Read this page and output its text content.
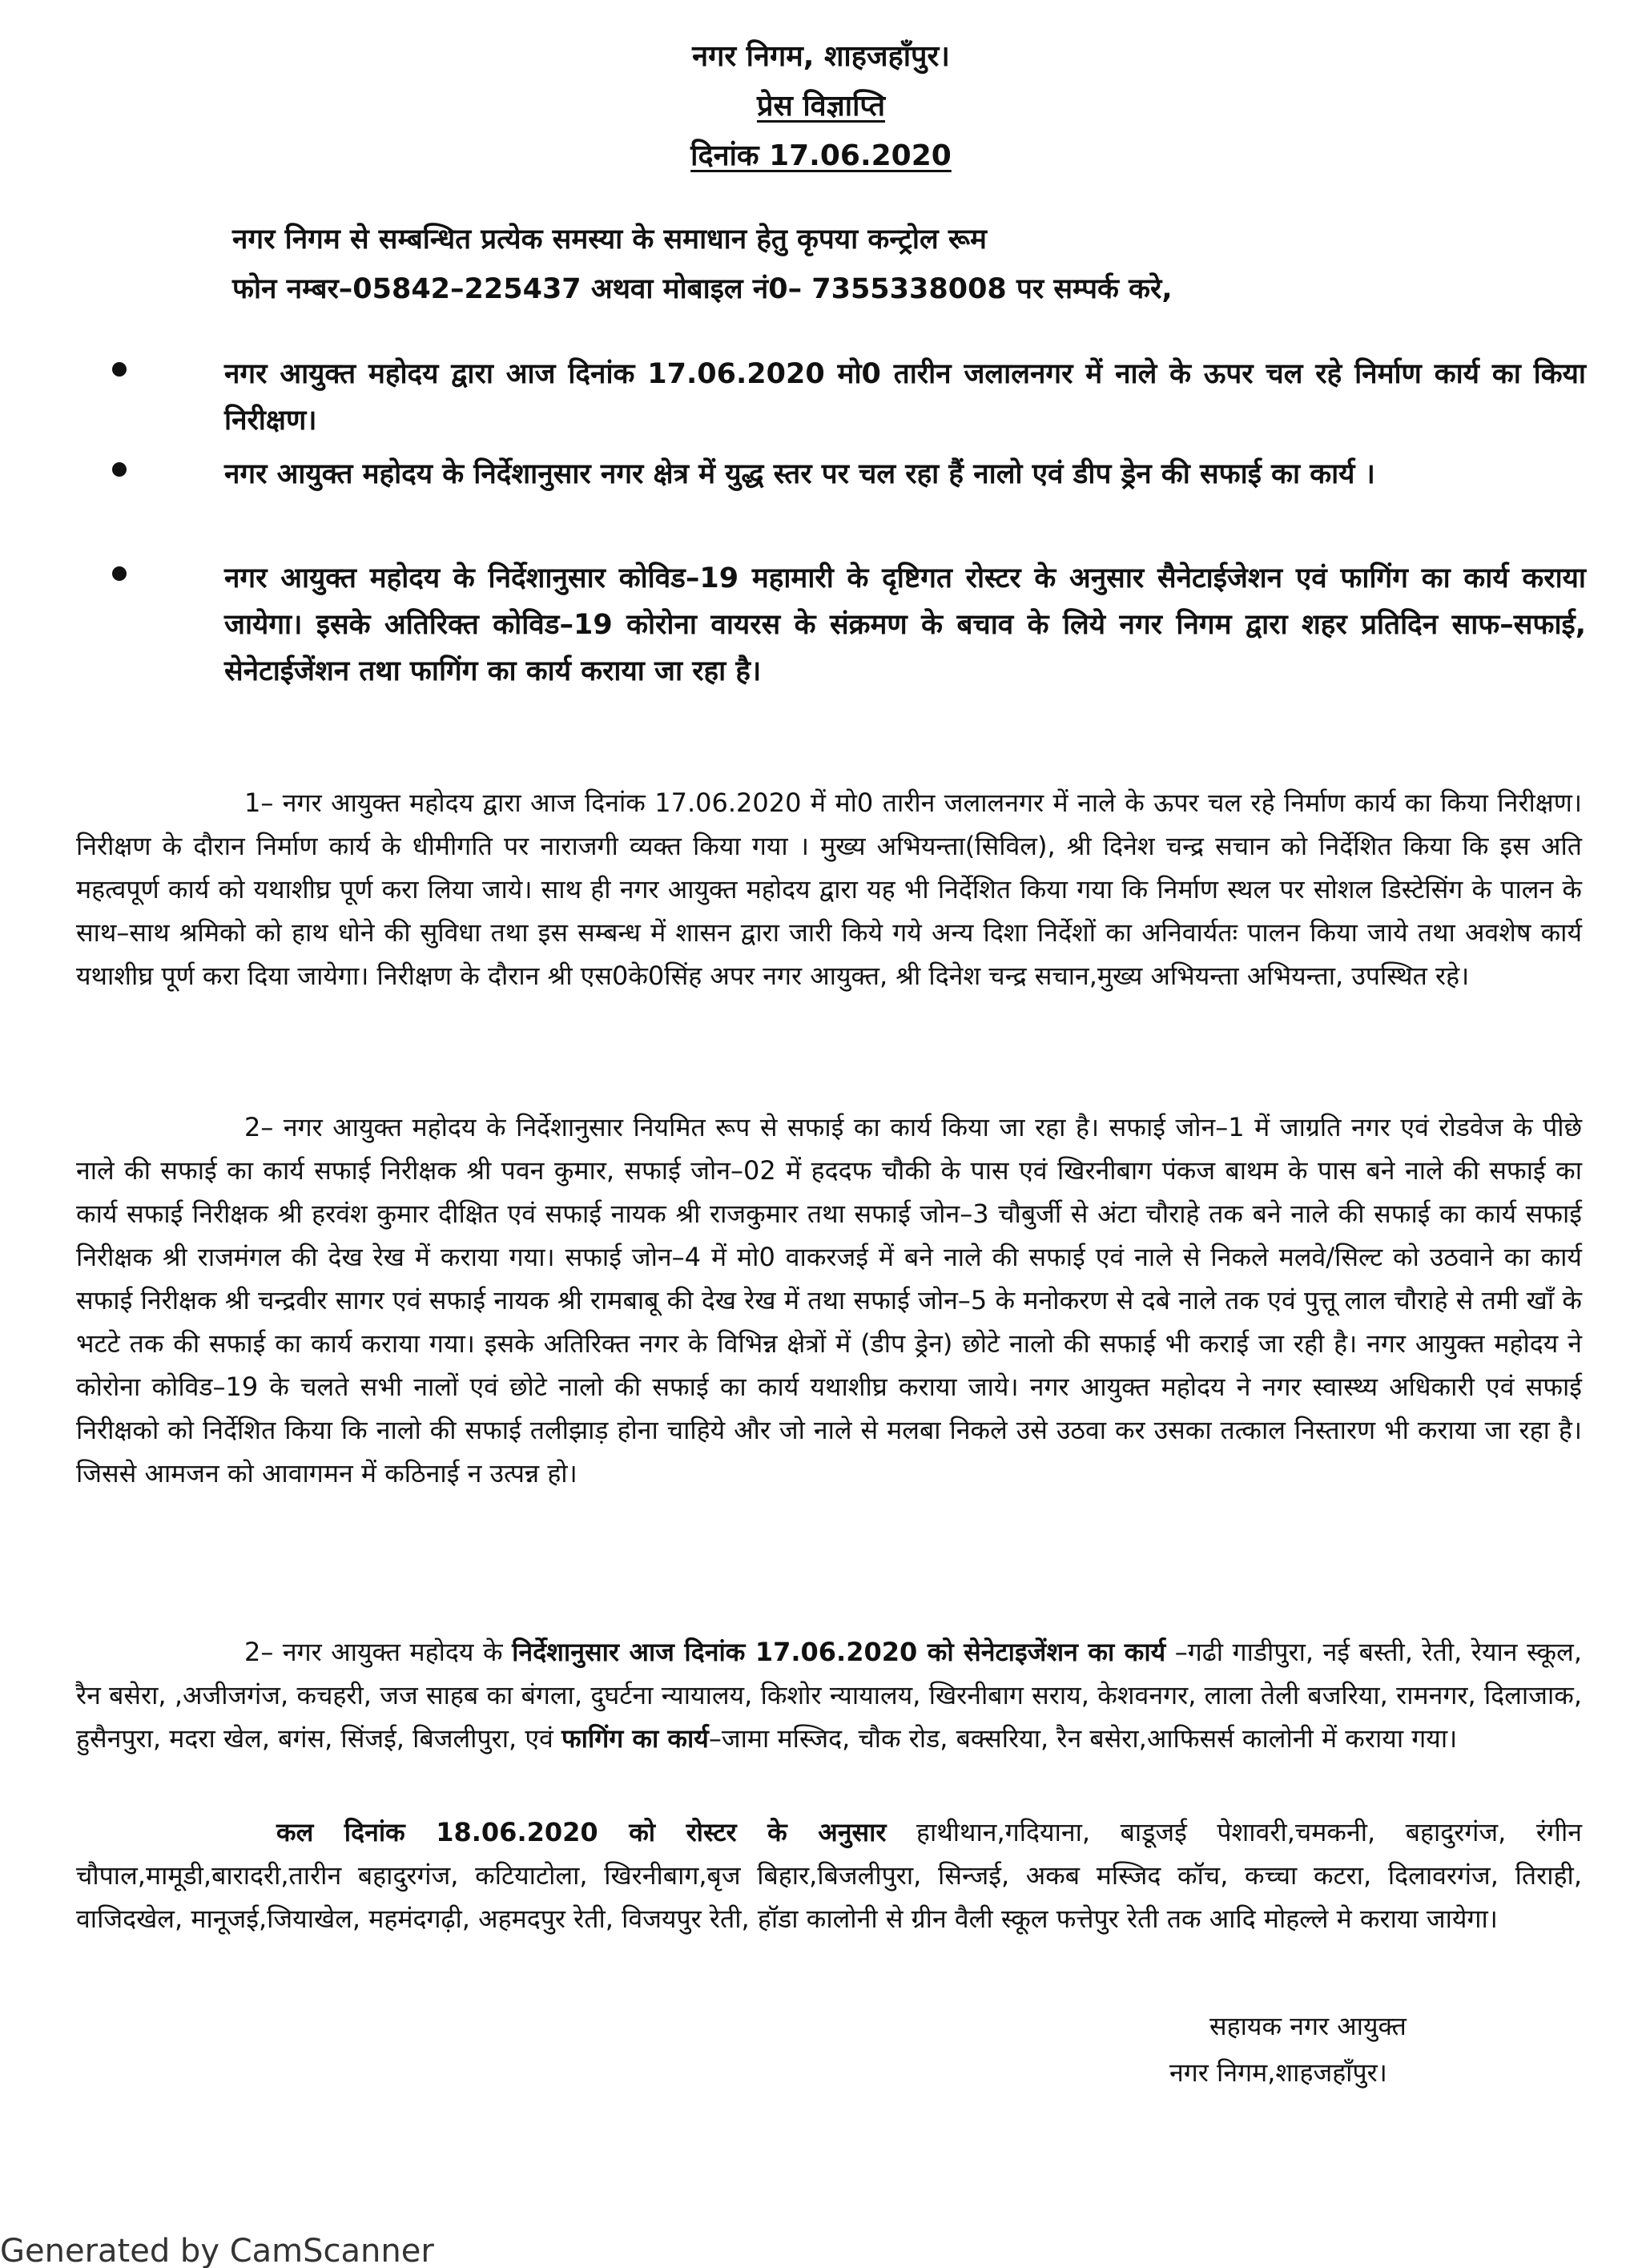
नगर निगम, शाहजहाँपुर।
प्रेस विज्ञाप्ति
दिनांक 17.06.2020
नगर निगम से सम्बन्धित प्रत्येक समस्या के समाधान हेतु कृपया कन्ट्रोल रूम

फोन नम्बर–05842–225437 अथवा मोबाइल नं0– 7355338008 पर सम्पर्क करे,
नगर आयुक्त महोदय द्वारा आज दिनांक 17.06.2020 मो0 तारीन जलालनगर में नाले के ऊपर चल रहे निर्माण कार्य का किया निरीक्षण।
नगर आयुक्त महोदय के निर्देशानुसार नगर क्षेत्र में युद्ध स्तर पर चल रहा हैं नालो एवं डीप ड्रेन की सफाई का कार्य ।
नगर आयुक्त महोदय के निर्देशानुसार कोविड–19 महामारी के दृष्टिगत रोस्टर के अनुसार सैनेटाईजेशन एवं फागिंग का कार्य कराया जायेगा। इसके अतिरिक्त कोविड–19 कोरोना वायरस के संक्रमण के बचाव के लिये नगर निगम द्वारा शहर प्रतिदिन साफ–सफाई, सेनेटाईजेंशन तथा फागिंग का कार्य कराया जा रहा है।
1– नगर आयुक्त महोदय द्वारा आज दिनांक 17.06.2020 में मो0 तारीन जलालनगर में नाले के ऊपर चल रहे निर्माण कार्य का किया निरीक्षण। निरीक्षण के दौरान निर्माण कार्य के धीमीगति पर नाराजगी व्यक्त किया गया । मुख्य अभियन्ता(सिविल), श्री दिनेश चन्द्र सचान को निर्देशित किया कि इस अति महत्वपूर्ण कार्य को यथाशीघ्र पूर्ण करा लिया जाये। साथ ही नगर आयुक्त महोदय द्वारा यह भी निर्देशित किया गया कि निर्माण स्थल पर सोशल डिस्टेसिंग के पालन के साथ–साथ श्रमिको को हाथ धोने की सुविधा तथा इस सम्बन्ध में शासन द्वारा जारी किये गये अन्य दिशा निर्देशों का अनिवार्यतः पालन किया जाये तथा अवशेष कार्य यथाशीघ्र पूर्ण करा दिया जायेगा। निरीक्षण के दौरान श्री एस0के0सिंह अपर नगर आयुक्त, श्री दिनेश चन्द्र सचान,मुख्य अभियन्ता अभियन्ता, उपस्थित रहे।
2– नगर आयुक्त महोदय के निर्देशानुसार नियमित रूप से सफाई का कार्य किया जा रहा है। सफाई जोन–1 में जाग्रति नगर एवं रोडवेज के पीछे नाले की सफाई का कार्य सफाई निरीक्षक श्री पवन कुमार, सफाई जोन–02 में हददफ चौकी के पास एवं खिरनीबाग पंकज बाथम के पास बने नाले की सफाई का कार्य सफाई निरीक्षक श्री हरवंश कुमार दीक्षित एवं सफाई नायक श्री राजकुमार तथा सफाई जोन–3 चौबुर्जी से अंटा चौराहे तक बने नाले की सफाई का कार्य सफाई निरीक्षक श्री राजमंगल की देख रेख में कराया गया। सफाई जोन–4 में मो0 वाकरजई में बने नाले की सफाई एवं नाले से निकले मलवे/सिल्ट को उठवाने का कार्य सफाई निरीक्षक श्री चन्द्रवीर सागर एवं सफाई नायक श्री रामबाबू की देख रेख में तथा सफाई जोन–5 के मनोकरण से दबे नाले तक एवं पुत्तू लाल चौराहे से तमी खाँ के भटटे तक की सफाई का कार्य कराया गया। इसके अतिरिक्त नगर के विभिन्न क्षेत्रों में (डीप ड्रेन) छोटे नालो की सफाई भी कराई जा रही है। नगर आयुक्त महोदय ने कोरोना कोविड–19 के चलते सभी नालों एवं छोटे नालो की सफाई का कार्य यथाशीघ्र कराया जाये। नगर आयुक्त महोदय ने नगर स्वास्थ्य अधिकारी एवं सफाई निरीक्षको को निर्देशित किया कि नालो की सफाई तलीझाड़ होना चाहिये और जो नाले से मलबा निकले उसे उठवा कर उसका तत्काल निस्तारण भी कराया जा रहा है। जिससे आमजन को आवागमन में कठिनाई न उत्पन्न हो।
2– नगर आयुक्त महोदय के निर्देशानुसार आज दिनांक 17.06.2020 को सेनेटाइजेंशन का कार्य –गढी गाडीपुरा, नई बस्ती, रेती, रेयान स्कूल, रैन बसेरा, ,अजीजगंज, कचहरी, जज साहब का बंगला, दुघर्टना न्यायालय, किशोर न्यायालय, खिरनीबाग सराय, केशवनगर, लाला तेली बजरिया, रामनगर, दिलाजाक, हुसैनपुरा, मदरा खेल, बगंस, सिंजई, बिजलीपुरा, एवं फागिंग का कार्य–जामा मस्जिद, चौक रोड, बक्सरिया, रैन बसेरा,आफिसर्स कालोनी में कराया गया।
कल दिनांक 18.06.2020 को रोस्टर के अनुसार हाथीथान,गदियाना, बाडूजई पेशावरी,चमकनी, बहादुरगंज, रंगीन चौपाल,मामूडी,बारादरी,तारीन बहादुरगंज, कटियाटोला, खिरनीबाग,बृज बिहार,बिजलीपुरा, सिन्जई, अकब मस्जिद कॉच, कच्चा कटरा, दिलावरगंज, तिराही, वाजिदखेल, मानूजई,जियाखेल, महमंदगढ़ी, अहमदपुर रेती, विजयपुर रेती, हॉडा कालोनी से ग्रीन वैली स्कूल फत्तेपुर रेती तक आदि मोहल्ले मे कराया जायेगा।
सहायक नगर आयुक्त
नगर निगम,शाहजहाँपुर।
Generated by CamScanner
